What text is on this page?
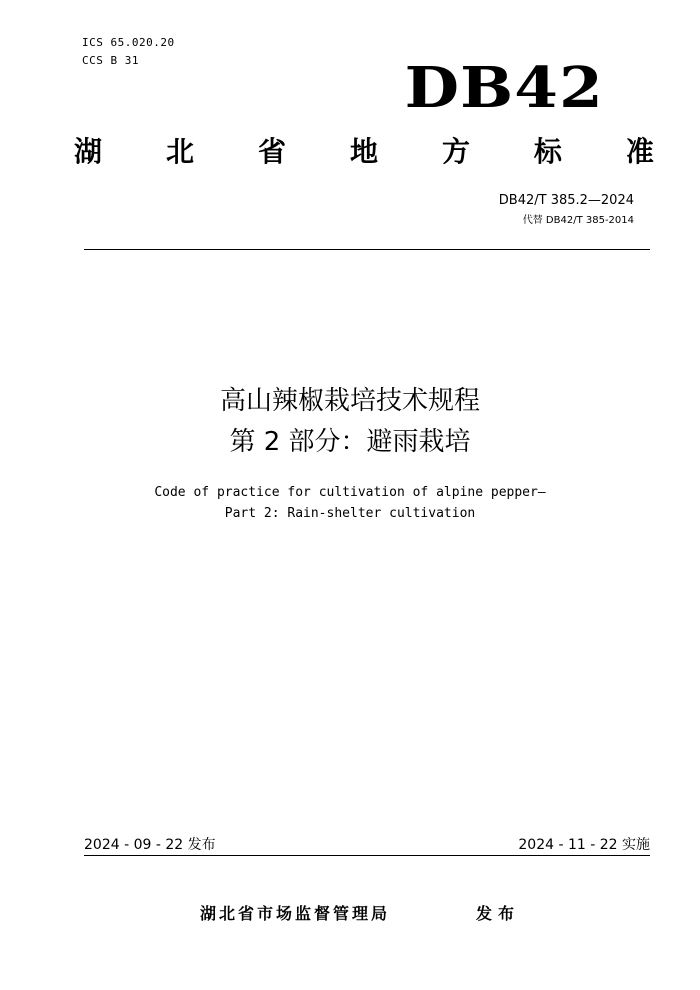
ICS 65.020.20
CCS B 31	DB42
湖 北 省 地 方 标 准
DB42/T 385.2—2024
代替 DB42/T 385-2014
高山辣椒栽培技术规程
第 2 部分：避雨栽培
Code of practice for cultivation of alpine pepper—
Part 2: Rain-shelter cultivation
2024 - 09 - 22 发布	2024 - 11 - 22 实施
湖北省市场监督管理局	发布
